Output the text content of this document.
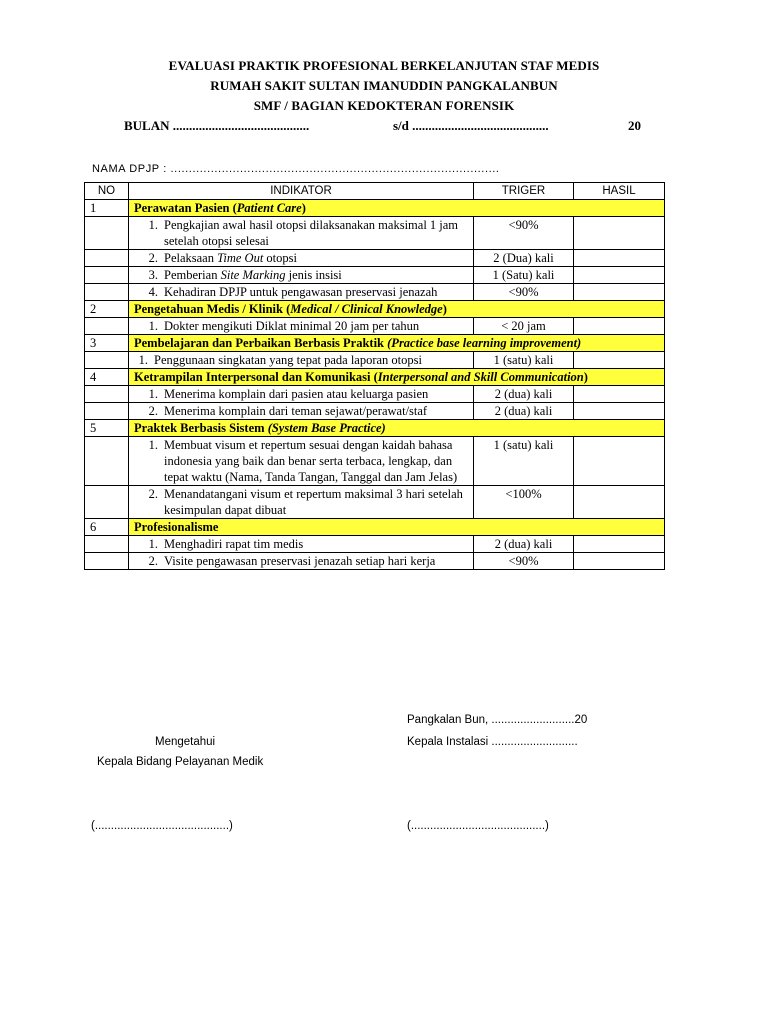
EVALUASI PRAKTIK PROFESIONAL BERKELANJUTAN STAF MEDIS
RUMAH SAKIT SULTAN IMANUDDIN PANGKALANBUN
SMF / BAGIAN KEDOKTERAN FORENSIK
BULAN ..........................................	s/d ..........................................	20
NAMA DPJP : ..........................................................................................
NO	INDIKATOR	TRIGER	HASIL
1	Perawatan Pasien (Patient Care)		

	1. Pengkajian awal hasil otopsi dilaksanakan maksimal 1 jam setelah otopsi selesai	<90%	

	2. Pelaksaan Time Out otopsi	2 (Dua) kali	

	3. Pemberian Site Marking jenis insisi	1 (Satu) kali	

	4. Kehadiran DPJP untuk pengawasan preservasi jenazah	<90%	
2	Pengetahuan Medis / Klinik (Medical / Clinical Knowledge)		

	1. Dokter mengikuti Diklat minimal 20 jam per tahun	< 20 jam	
3	Pembelajaran dan Perbaikan Berbasis Praktik (Practice base learning improvement)		

	1. Penggunaan singkatan yang tepat pada laporan otopsi	1 (satu) kali	
4	Ketrampilan Interpersonal dan Komunikasi (Interpersonal and Skill Communication)		

	1. Menerima komplain dari pasien atau keluarga pasien	2 (dua) kali	

	2. Menerima komplain dari teman sejawat/perawat/staf	2 (dua) kali	
5	Praktek Berbasis Sistem (System Base Practice)		

	1. Membuat visum et repertum sesuai dengan kaidah bahasa indonesia yang baik dan benar serta terbaca, lengkap, dan tepat waktu (Nama, Tanda Tangan, Tanggal dan Jam Jelas)	1 (satu) kali	

	2. Menandatangani visum et repertum maksimal 3 hari setelah kesimpulan dapat dibuat	<100%	
6	Profesionalisme		

	1. Menghadiri rapat tim medis	2 (dua) kali	

	2. Visite pengawasan preservasi jenazah setiap hari kerja	<90%	
Pangkalan Bun, ..........................20
Mengetahui	Kepala Instalasi ...........................
Kepala Bidang Pelayanan Medik
(..........................................)	(..........................................)
